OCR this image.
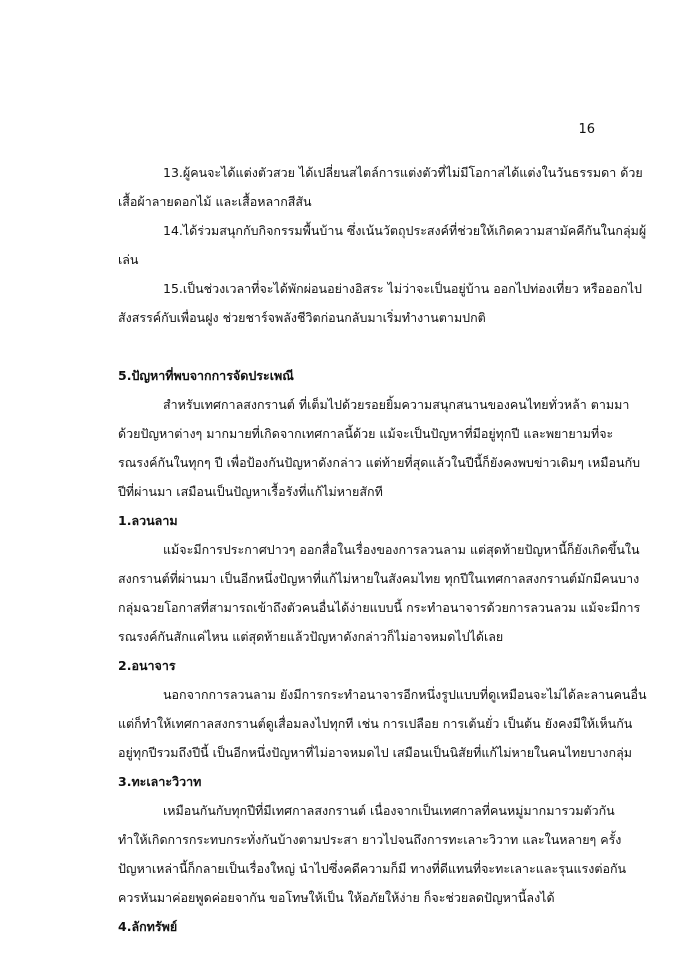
16

13.ผู้คนจะได้แต่งตัวสวย ได้เปลี่ยนสไตล์การแต่งตัวที่ไม่มีโอกาสได้แต่งในวันธรรมดา ด้วย

เสื้อผ้าลายดอกไม้ และเสื้อหลากสีสัน

14.ได้ร่วมสนุกกับกิจกรรมพื้นบ้าน ซึ่งเน้นวัตถุประสงค์ที่ช่วยให้เกิดความสามัคคีกันในกลุ่มผู้

เล่น

15.เป็นช่วงเวลาที่จะได้พักผ่อนอย่างอิสระ ไม่ว่าจะเป็นอยู่บ้าน ออกไปท่องเที่ยว หรือออกไป

สังสรรค์กับเพื่อนฝูง ช่วยชาร์จพลังชีวิตก่อนกลับมาเริ่มทำงานตามปกติ

5.ปัญหาที่พบจากการจัดประเพณี

สำหรับเทศกาลสงกรานต์ ที่เต็มไปด้วยรอยยิ้มความสนุกสนานของคนไทยทั่วหล้า ตามมา

ด้วยปัญหาต่างๆ มากมายที่เกิดจากเทศกาลนี้ด้วย แม้จะเป็นปัญหาที่มีอยู่ทุกปี และพยายามที่จะ

รณรงค์กันในทุกๆ ปี เพื่อป้องกันปัญหาดังกล่าว แต่ท้ายที่สุดแล้วในปีนี้ก็ยังคงพบข่าวเดิมๆ เหมือนกับ

ปีที่ผ่านมา เสมือนเป็นปัญหาเรื้อรังที่แก้ไม่หายสักที

1.ลวนลาม

แม้จะมีการประกาศปาวๆ ออกสื่อในเรื่องของการลวนลาม แต่สุดท้ายปัญหานี้ก็ยังเกิดขึ้นใน

สงกรานต์ที่ผ่านมา เป็นอีกหนึ่งปัญหาที่แก้ไม่หายในสังคมไทย ทุกปีในเทศกาลสงกรานต์มักมีคนบาง

กลุ่มฉวยโอกาสที่สามารถเข้าถึงตัวคนอื่นได้ง่ายแบบนี้ กระทำอนาจารด้วยการลวนลวม แม้จะมีการ

รณรงค์กันสักแค่ไหน แต่สุดท้ายแล้วปัญหาดังกล่าวก็ไม่อาจหมดไปได้เลย

2.อนาจาร

นอกจากการลวนลาม ยังมีการกระทำอนาจารอีกหนึ่งรูปแบบที่ดูเหมือนจะไม่ได้ละลานคนอื่น

แต่ก็ทำให้เทศกาลสงกรานต์ดูเสื่อมลงไปทุกที เช่น การเปลือย การเต้นยั่ว เป็นต้น ยังคงมีให้เห็นกัน

อยู่ทุกปีรวมถึงปีนี้ เป็นอีกหนึ่งปัญหาที่ไม่อาจหมดไป เสมือนเป็นนิสัยที่แก้ไม่หายในคนไทยบางกลุ่ม

3.ทะเลาะวิวาท

เหมือนกันกับทุกปีที่มีเทศกาลสงกรานต์ เนื่องจากเป็นเทศกาลที่คนหมู่มากมารวมตัวกัน

ทำให้เกิดการกระทบกระทั่งกันบ้างตามประสา ยาวไปจนถึงการทะเลาะวิวาท และในหลายๆ ครั้ง

ปัญหาเหล่านี้ก็กลายเป็นเรื่องใหญ่ นำไปซึ่งคดีความก็มี ทางที่ดีแทนที่จะทะเลาะและรุนแรงต่อกัน

ควรหันมาค่อยพูดค่อยจากัน ขอโทษให้เป็น ให้อภัยให้ง่าย ก็จะช่วยลดปัญหานี้ลงได้

4.ลักทรัพย์
